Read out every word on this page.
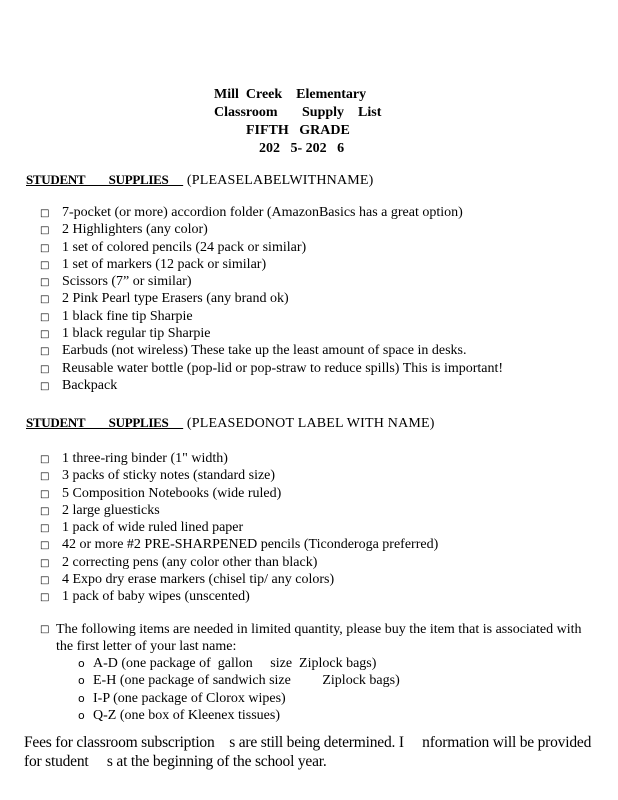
Mill  Creek    Elementary
Classroom       Supply    List
FIFTH   GRADE
202   5- 202   6
STUDENT        SUPPLIES      (PLEASELABELWITHNAME)
□ 7-pocket (or more) accordion folder (AmazonBasics has a great option)
□ 2 Highlighters (any color)
□ 1 set of colored pencils (24 pack or similar)
□ 1 set of markers (12 pack or similar)
□ Scissors (7” or similar)
□ 2 Pink Pearl type Erasers (any brand ok)
□ 1 black fine tip Sharpie
□ 1 black regular tip Sharpie
□ Earbuds (not wireless) These take up the least amount of space in desks.
□ Reusable water bottle (pop-lid or pop-straw to reduce spills) This is important!
□ Backpack
STUDENT        SUPPLIES      (PLEASEDONOT LABEL WITH NAME)
□ 1 three-ring binder (1" width)
□ 3 packs of sticky notes (standard size)
□ 5 Composition Notebooks (wide ruled)
□ 2 large gluesticks
□ 1 pack of wide ruled lined paper
□ 42 or more #2 PRE-SHARPENED pencils (Ticonderoga preferred)
□ 2 correcting pens (any color other than black)
□ 4 Expo dry erase markers (chisel tip/ any colors)
□ 1 pack of baby wipes (unscented)
□ The following items are needed in limited quantity, please buy the item that is associated with the first letter of your last name:
o A-D (one package of  gallon     size  Ziplock bags)
o E-H (one package of sandwich size         Ziplock bags)
o I-P (one package of Clorox wipes)
o Q-Z (one box of Kleenex tissues)
Fees for classroom subscription    s are still being determined. I     nformation will be provided for student     s at the beginning of the school year.
